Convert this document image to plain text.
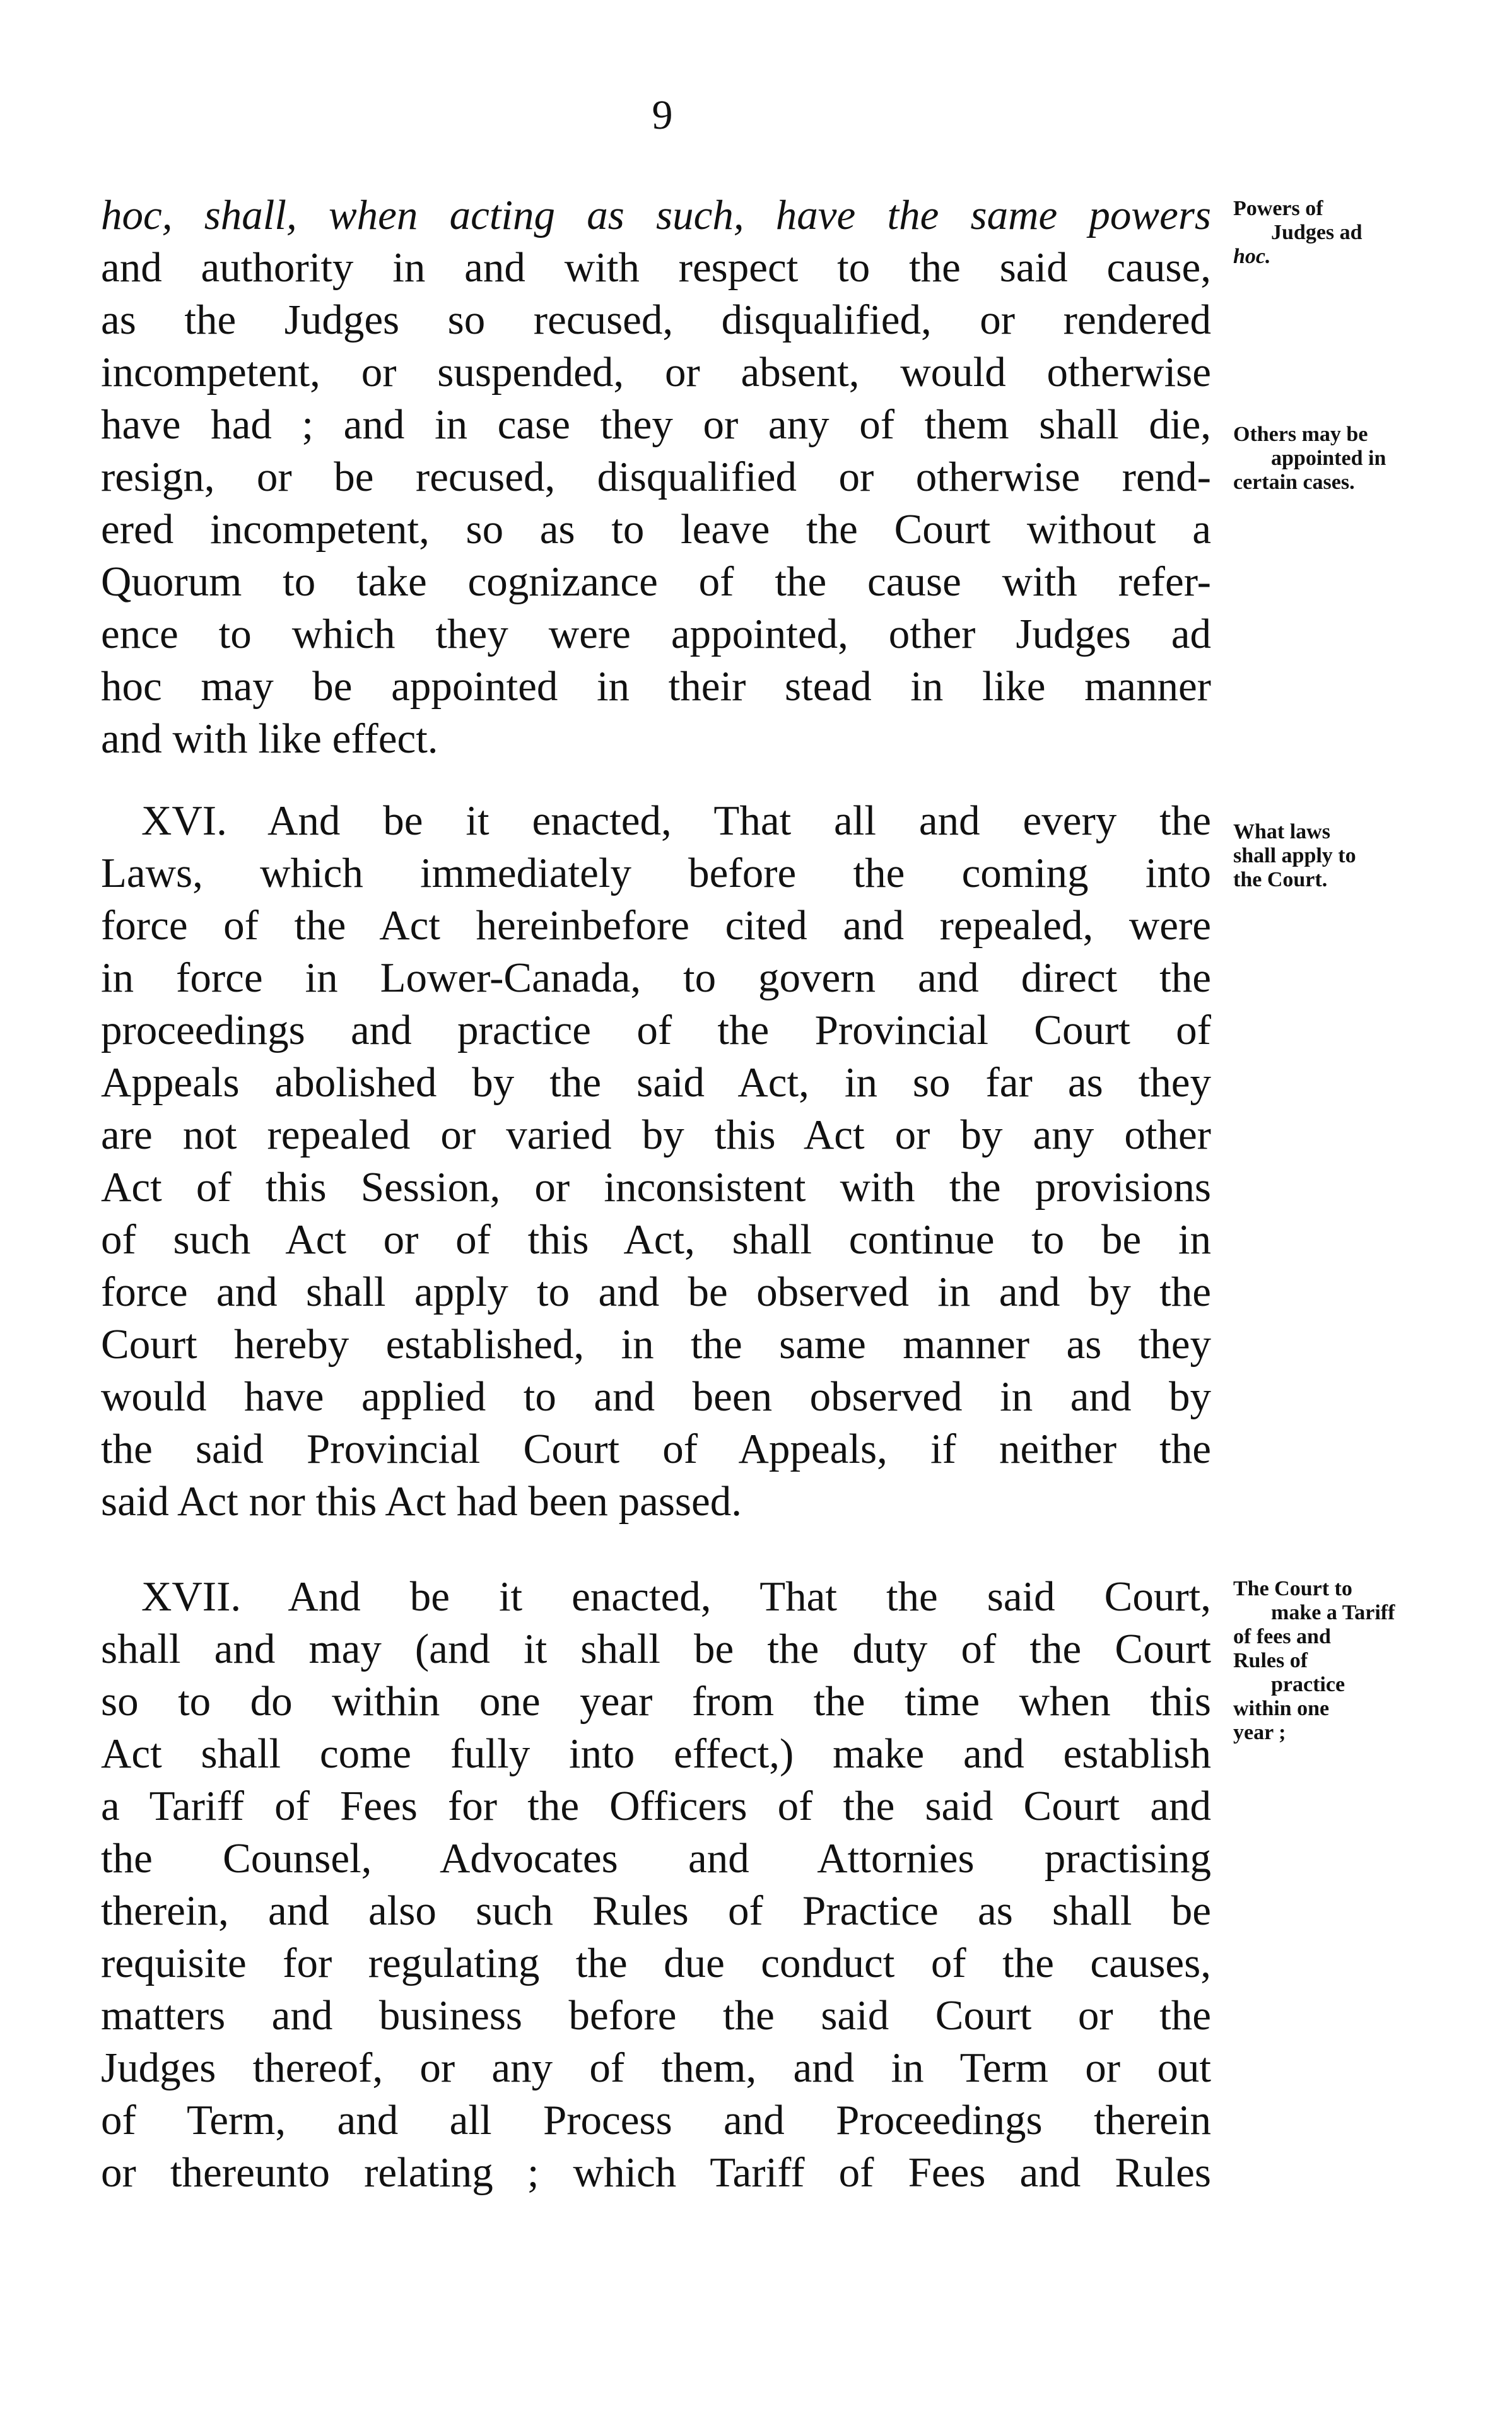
9
hoc, shall, when acting as such, have the same powers
and authority in and with respect to the said cause,
as the Judges so recused, disqualified, or rendered
incompetent, or suspended, or absent, would otherwise
have had ; and in case they or any of them shall die,
resign, or be recused, disqualified or otherwise rend-
ered incompetent, so as to leave the Court without a
Quorum to take cognizance of the cause with refer-
ence to which they were appointed, other Judges ad
hoc may be appointed in their stead in like manner
and with like effect.
XVI. And be it enacted, That all and every the
Laws, which immediately before the coming into
force of the Act hereinbefore cited and repealed, were
in force in Lower-Canada, to govern and direct the
proceedings and practice of the Provincial Court of
Appeals abolished by the said Act, in so far as they
are not repealed or varied by this Act or by any other
Act of this Session, or inconsistent with the provisions
of such Act or of this Act, shall continue to be in
force and shall apply to and be observed in and by the
Court hereby established, in the same manner as they
would have applied to and been observed in and by
the said Provincial Court of Appeals, if neither the
said Act nor this Act had been passed.
XVII. And be it enacted, That the said Court,
shall and may (and it shall be the duty of the Court
so to do within one year from the time when this
Act shall come fully into effect,) make and establish
a Tariff of Fees for the Officers of the said Court and
the Counsel, Advocates and Attornies practising
therein, and also such Rules of Practice as shall be
requisite for regulating the due conduct of the causes,
matters and business before the said Court or the
Judges thereof, or any of them, and in Term or out
of Term, and all Process and Proceedings therein
or thereunto relating ; which Tariff of Fees and Rules
Powers of
Judges ad
hoc.
Others may be
appointed in
certain cases.
What laws
shall apply to
the Court.
The Court to
make a Tariff
of fees and
Rules of
practice
within one
year ;
